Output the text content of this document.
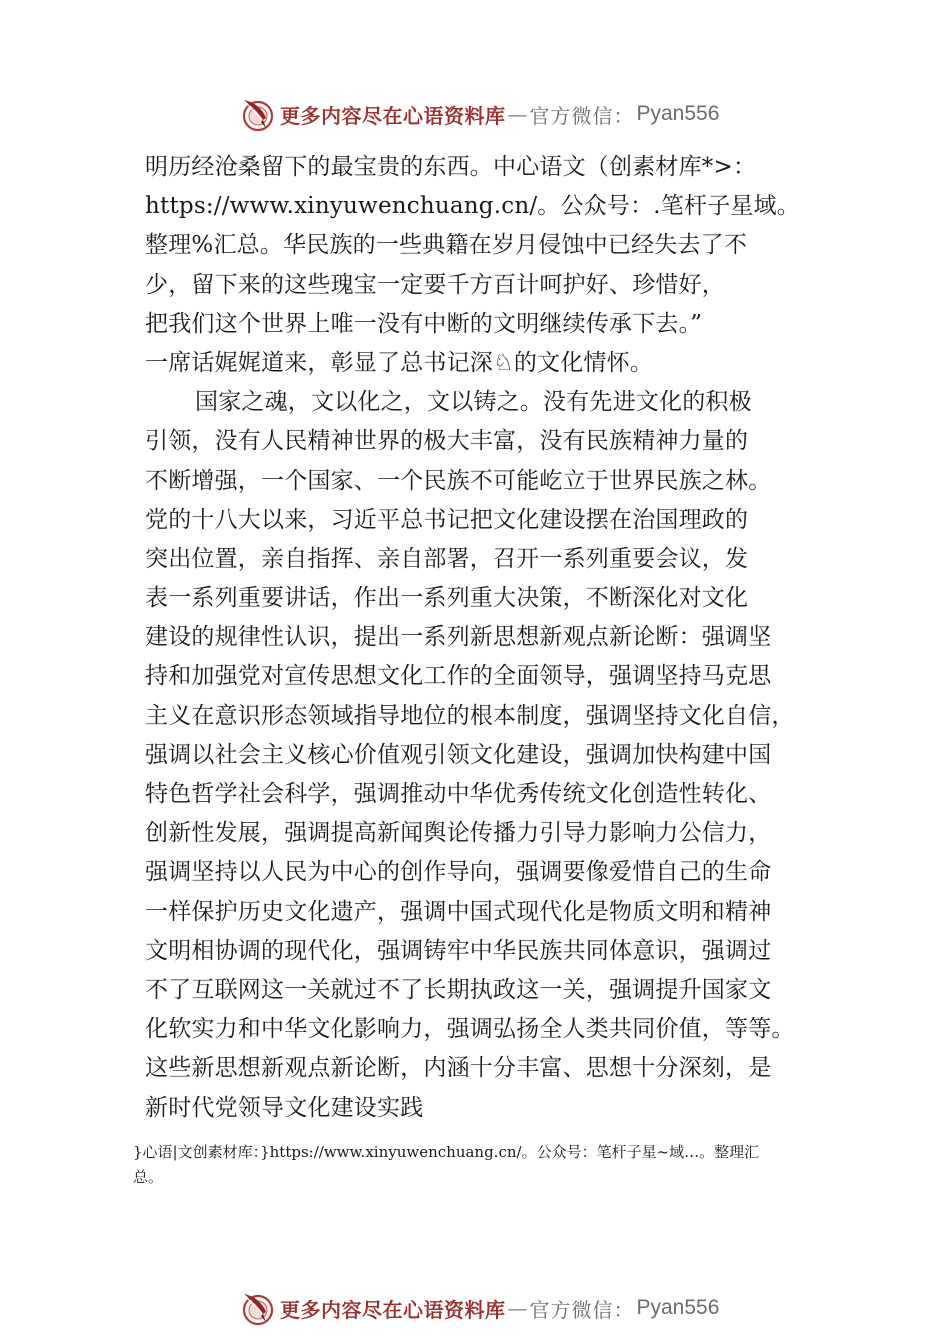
更多内容尽在心语资料库 — 官方微信： Pyan556
明历经沧桑留下的最宝贵的东西。中心语文（创素材库*>：
https://www.xinyuwenchuang.cn/。公众号：.笔杆子星域。
整理%汇总。华民族的一些典籍在岁月侵蚀中已经失去了不
少，留下来的这些瑰宝一定要千方百计呵护好、珍惜好，
把我们这个世界上唯一没有中断的文明继续传承下去。”
一席话娓娓道来，彰显了总书记深♘的文化情怀。
国家之魂，文以化之，文以铸之。没有先进文化的积极
引领，没有人民精神世界的极大丰富，没有民族精神力量的
不断增强，一个国家、一个民族不可能屹立于世界民族之林。
党的十八大以来，习近平总书记把文化建设摆在治国理政的
突出位置，亲自指挥、亲自部署，召开一系列重要会议，发
表一系列重要讲话，作出一系列重大决策，不断深化对文化
建设的规律性认识，提出一系列新思想新观点新论断：强调坚
持和加强党对宣传思想文化工作的全面领导，强调坚持马克思
主义在意识形态领域指导地位的根本制度，强调坚持文化自信，
强调以社会主义核心价值观引领文化建设，强调加快构建中国
特色哲学社会科学，强调推动中华优秀传统文化创造性转化、
创新性发展，强调提高新闻舆论传播力引导力影响力公信力，
强调坚持以人民为中心的创作导向，强调要像爱惜自己的生命
一样保护历史文化遗产，强调中国式现代化是物质文明和精神
文明相协调的现代化，强调铸牢中华民族共同体意识，强调过
不了互联网这一关就过不了长期执政这一关，强调提升国家文
化软实力和中华文化影响力，强调弘扬全人类共同价值，等等。
这些新思想新观点新论断，内涵十分丰富、思想十分深刻，是
新时代党领导文化建设实践
}心语|文创素材库：}https://www.xinyuwenchuang.cn/。公众号：笔杆子星~域…。整理汇
总。
更多内容尽在心语资料库 — 官方微信： Pyan556
